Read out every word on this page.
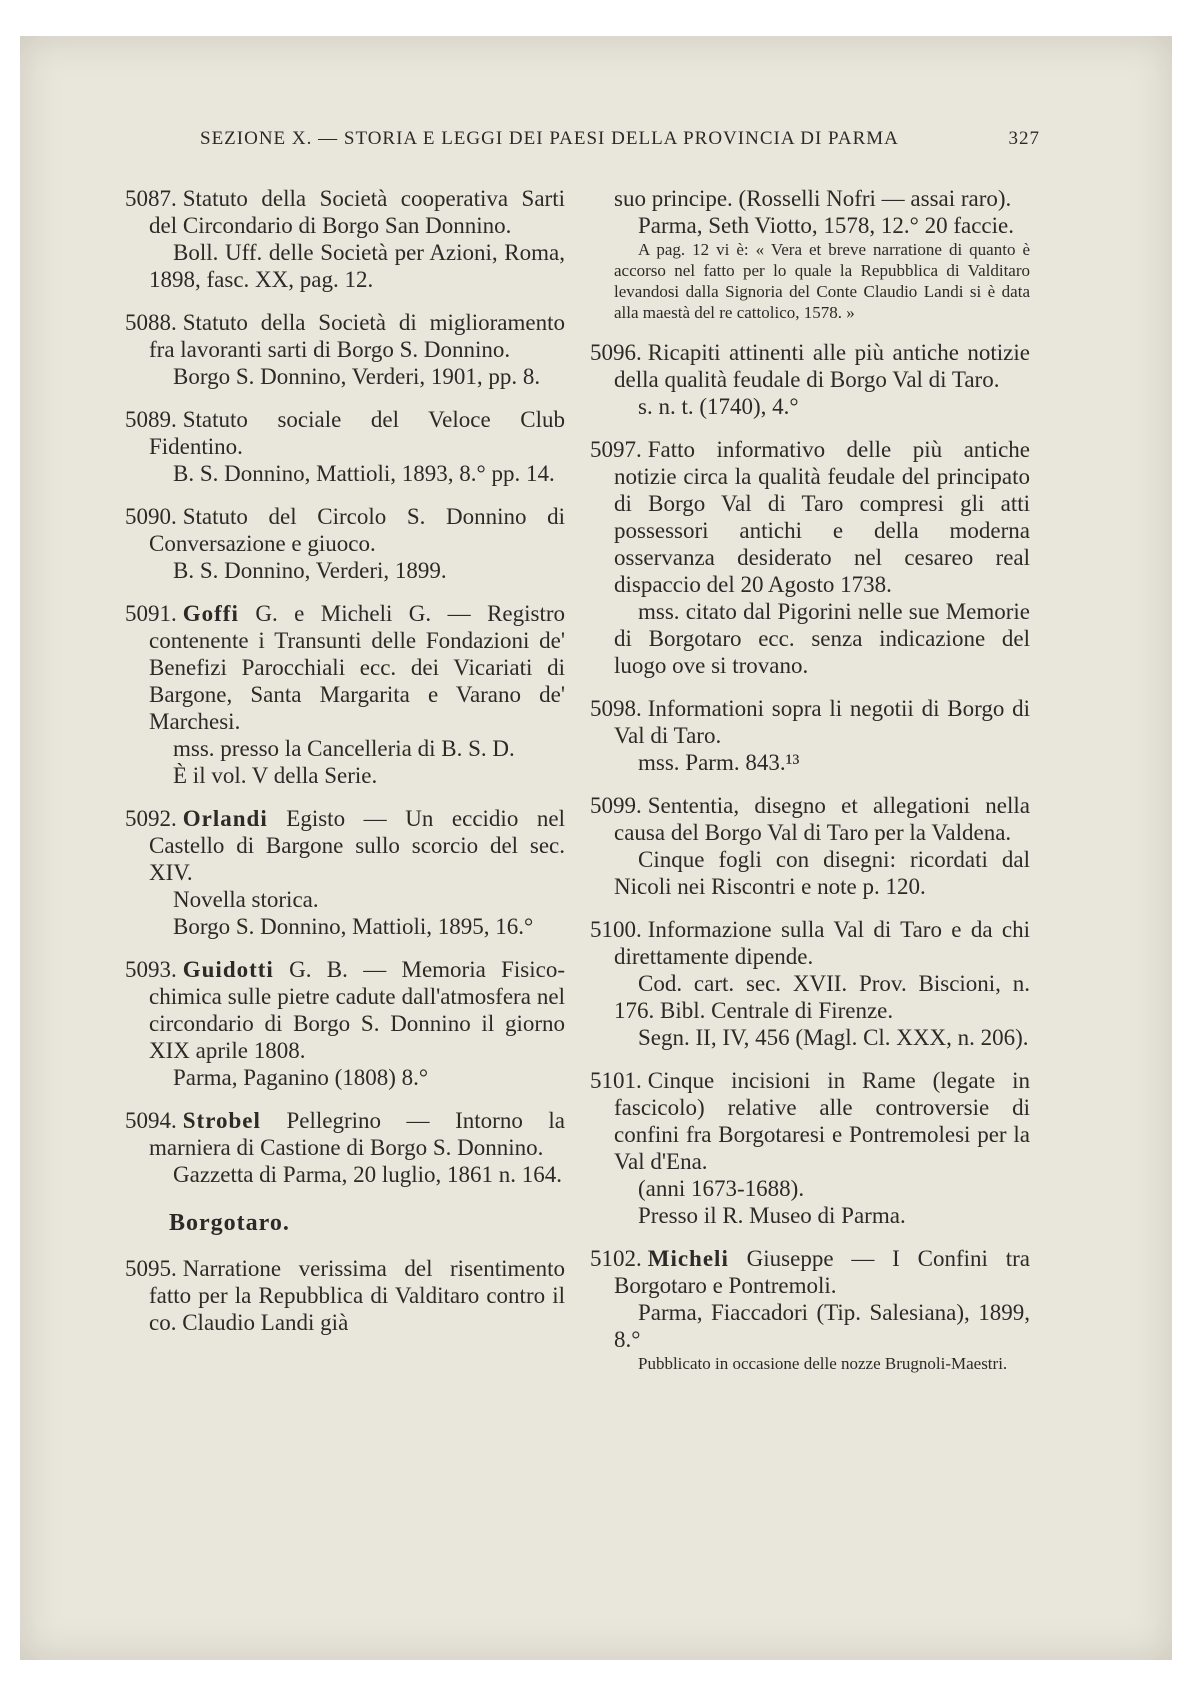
SEZIONE X. — STORIA E LEGGI DEI PAESI DELLA PROVINCIA DI PARMA	327

5087. Statuto della Società cooperativa Sarti del Circondario di Borgo San Donnino.

Boll. Uff. delle Società per Azioni, Roma, 1898, fasc. XX, pag. 12.

5088. Statuto della Società di miglioramento fra lavoranti sarti di Borgo S. Donnino.

Borgo S. Donnino, Verderi, 1901, pp. 8.

5089. Statuto sociale del Veloce Club Fidentino.

B. S. Donnino, Mattioli, 1893, 8.° pp. 14.

5090. Statuto del Circolo S. Donnino di Conversazione e giuoco.

B. S. Donnino, Verderi, 1899.

5091. Goffi G. e Micheli G. — Registro contenente i Transunti delle Fondazioni de' Benefizi Parocchiali ecc. dei Vicariati di Bargone, Santa Margarita e Varano de' Marchesi.

mss. presso la Cancelleria di B. S. D.

È il vol. V della Serie.

5092. Orlandi Egisto — Un eccidio nel Castello di Bargone sullo scorcio del sec. XIV.

Novella storica.

Borgo S. Donnino, Mattioli, 1895, 16.°

5093. Guidotti G. B. — Memoria Fisico-chimica sulle pietre cadute dall'atmosfera nel circondario di Borgo S. Donnino il giorno XIX aprile 1808.

Parma, Paganino (1808) 8.°

5094. Strobel Pellegrino — Intorno la marniera di Castione di Borgo S. Donnino.

Gazzetta di Parma, 20 luglio, 1861 n. 164.

Borgotaro.

5095. Narratione verissima del risentimento fatto per la Repubblica di Valditaro contro il co. Claudio Landi già

suo principe. (Rosselli Nofri — assai raro).

Parma, Seth Viotto, 1578, 12.° 20 faccie.

A pag. 12 vi è: « Vera et breve narratione di quanto è accorso nel fatto per lo quale la Repubblica di Valditaro levandosi dalla Signoria del Conte Claudio Landi si è data alla maestà del re cattolico, 1578. »

5096. Ricapiti attinenti alle più antiche notizie della qualità feudale di Borgo Val di Taro.

s. n. t. (1740), 4.°

5097. Fatto informativo delle più antiche notizie circa la qualità feudale del principato di Borgo Val di Taro compresi gli atti possessori antichi e della moderna osservanza desiderato nel cesareo real dispaccio del 20 Agosto 1738.

mss. citato dal Pigorini nelle sue Memorie di Borgotaro ecc. senza indicazione del luogo ove si trovano.

5098. Informationi sopra li negotii di Borgo di Val di Taro.

mss. Parm. 843.¹³

5099. Sententia, disegno et allegationi nella causa del Borgo Val di Taro per la Valdena.

Cinque fogli con disegni: ricordati dal Nicoli nei Riscontri e note p. 120.

5100. Informazione sulla Val di Taro e da chi direttamente dipende.

Cod. cart. sec. XVII. Prov. Biscioni, n. 176. Bibl. Centrale di Firenze.

Segn. II, IV, 456 (Magl. Cl. XXX, n. 206).

5101. Cinque incisioni in Rame (legate in fascicolo) relative alle controversie di confini fra Borgotaresi e Pontremolesi per la Val d'Ena.

(anni 1673-1688).

Presso il R. Museo di Parma.

5102. Micheli Giuseppe — I Confini tra Borgotaro e Pontremoli.

Parma, Fiaccadori (Tip. Salesiana), 1899, 8.°

Pubblicato in occasione delle nozze Brugnoli-Maestri.
